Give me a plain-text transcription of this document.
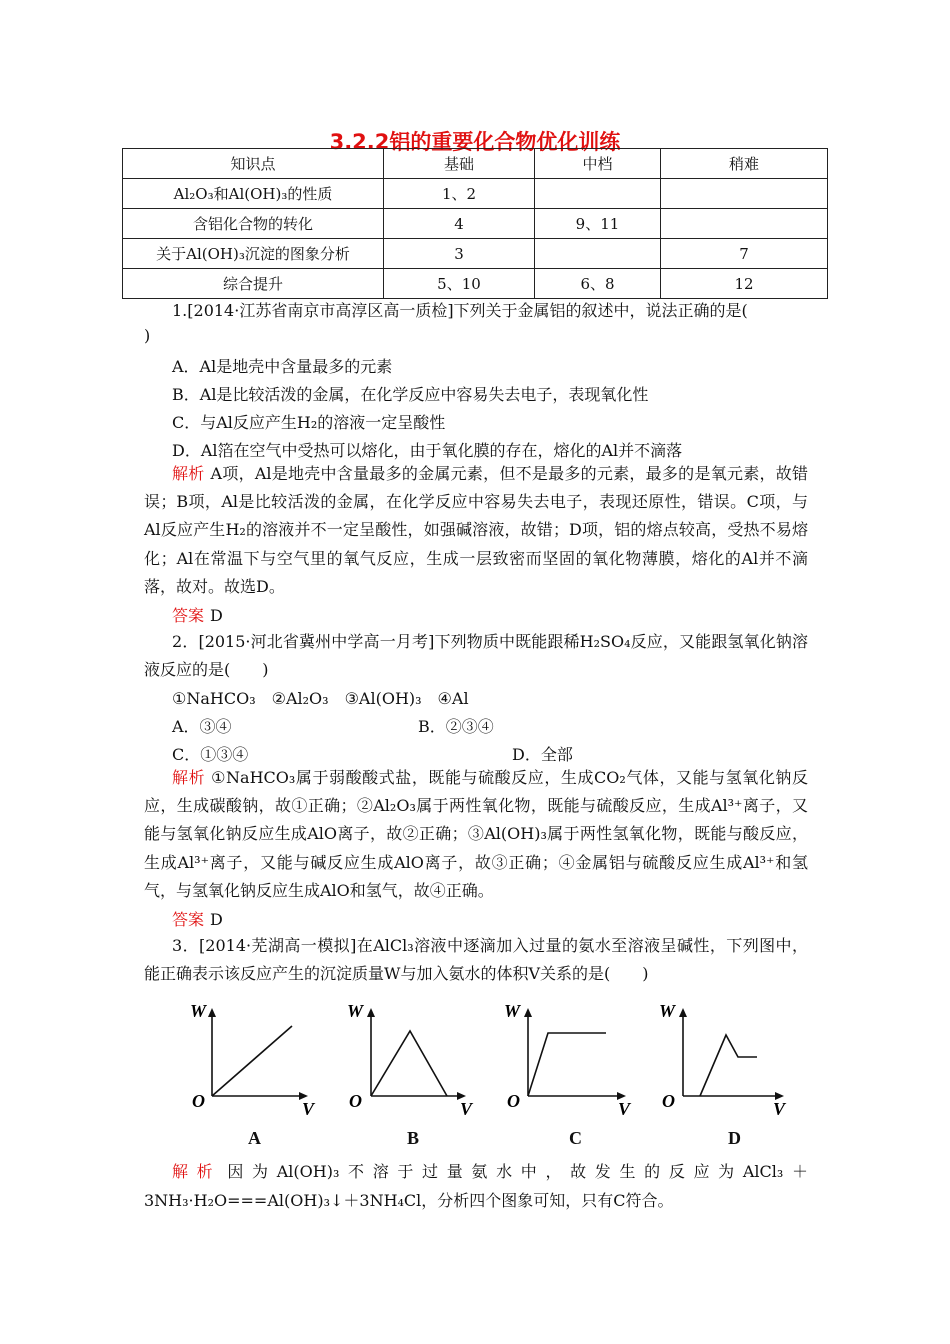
3.2.2铝的重要化合物优化训练
知识点	基础	中档	稍难
Al₂O₃和Al(OH)₃的性质	1、2		
含铝化合物的转化	4	9、11	
关于Al(OH)₃沉淀的图象分析	3		7
综合提升	5、10	6、8	12
1.[2014·江苏省南京市高淳区高一质检]下列关于金属铝的叙述中，说法正确的是(
)
A．Al是地壳中含量最多的元素
B．Al是比较活泼的金属，在化学反应中容易失去电子，表现氧化性
C．与Al反应产生H₂的溶液一定呈酸性
D．Al箔在空气中受热可以熔化，由于氧化膜的存在，熔化的Al并不滴落
解析 A项，Al是地壳中含量最多的金属元素，但不是最多的元素，最多的是氧元素，故错误；B项，Al是比较活泼的金属，在化学反应中容易失去电子，表现还原性，错误。C项，与Al反应产生H₂的溶液并不一定呈酸性，如强碱溶液，故错；D项，铝的熔点较高，受热不易熔化；Al在常温下与空气里的氧气反应，生成一层致密而坚固的氧化物薄膜，熔化的Al并不滴落，故对。故选D。
答案 D
2．[2015·河北省冀州中学高一月考]下列物质中既能跟稀H₂SO₄反应，又能跟氢氧化钠溶液反应的是(　　)
①NaHCO₃　②Al₂O₃　③Al(OH)₃　④Al
A．③④	B．②③④
C．①③④	D．全部
解析 ①NaHCO₃属于弱酸酸式盐，既能与硫酸反应，生成CO₂气体，又能与氢氧化钠反应，生成碳酸钠，故①正确；②Al₂O₃属于两性氧化物，既能与硫酸反应，生成Al³⁺离子，又能与氢氧化钠反应生成AlO离子，故②正确；③Al(OH)₃属于两性氢氧化物，既能与酸反应，生成Al³⁺离子，又能与碱反应生成AlO离子，故③正确；④金属铝与硫酸反应生成Al³⁺和氢气，与氢氧化钠反应生成AlO和氢气，故④正确。
答案 D
3．[2014·芜湖高一模拟]在AlCl₃溶液中逐滴加入过量的氨水至溶液呈碱性，下列图中，能正确表示该反应产生的沉淀质量W与加入氨水的体积V关系的是(　　)
W
O	V
W
O	V
W
O	V
W
O	V
A	B	C	D
解析 因为Al(OH)₃不溶于过量氨水中，故发生的反应为AlCl₃＋
3NH₃·H₂O===Al(OH)₃↓＋3NH₄Cl，分析四个图象可知，只有C符合。
